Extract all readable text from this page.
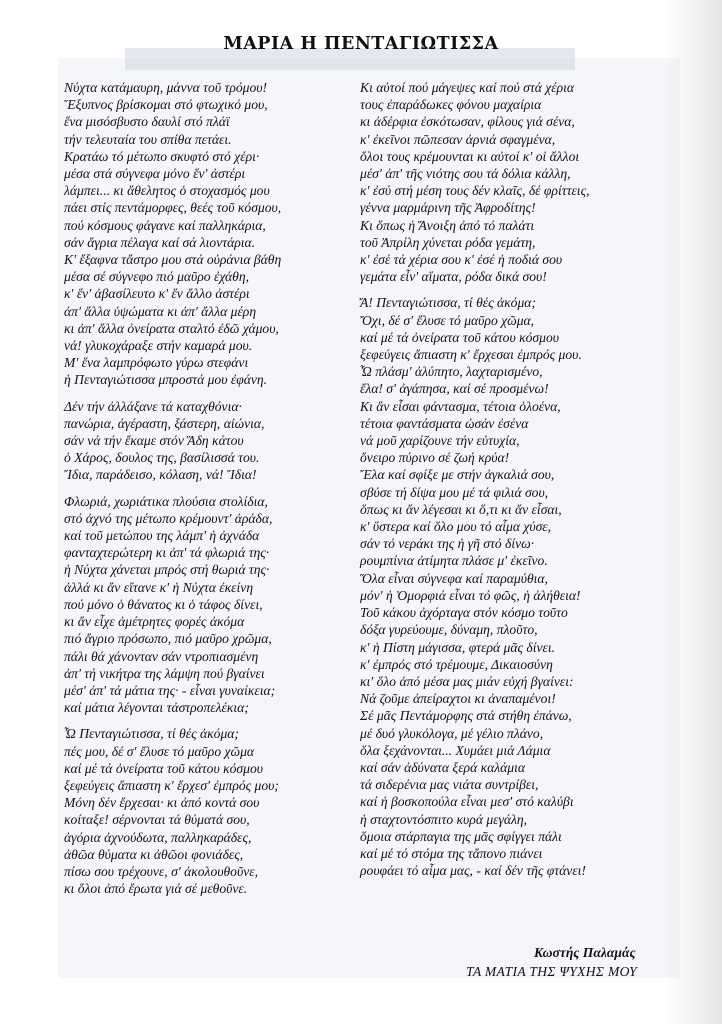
ΜΑΡΙΑ Η ΠΕΝΤΑΓΙΩΤΙΣΣΑ
Νύχτα κατάμαυρη, μάννα τοῦ τρόμου!
Ἔξυπνος βρίσκομαι στό φτωχικό μου,
ἕνα μισόσβυστο δαυλί στό πλάϊ
τήν τελευταία του σπίθα πετάει.
Κρατάω τό μέτωπο σκυφτό στό χέρι·
μέσα στά σύγνεφα μόνο ἕν' ἀστέρι
λάμπει... κι ἄθελητος ὁ στοχασμός μου
πάει στίς πεντάμορφες, θεές τοῦ κόσμου,
πού κόσμους φάγανε καί παλληκάρια,
σάν ἄγρια πέλαγα καί σά λιοντάρια.
Κ' ἔξαφνα τἄστρο μου στά οὐράνια βάθη
μέσα σέ σύγνεφο πιό μαῦρο ἐχάθη,
κ' ἕν' ἀβασίλευτο κ' ἕν ἄλλο ἀστέρι
ἀπ' ἄλλα ὑψώματα κι ἀπ' ἄλλα μέρη
κι ἀπ' ἄλλα ὀνείρατα σταλτό ἐδῶ χάμου,
νά! γλυκοχάραξε στήν καμαρά μου.
Μ' ἕνα λαμπρόφωτο γύρω στεφάνι
ἡ Πενταγιώτισσα μπροστά μου ἐφάνη.
Δέν τήν ἀλλάξανε τά καταχθόνια·
πανώρια, ἀγέραστη, ξάστερη, αἰώνια,
σάν νά τήν ἔκαμε στόν Ἅδη κάτου
ὁ Χάρος, δουλος της, βασίλισσά του.
Ἴδια, παράδεισο, κόλαση, νά! Ἴδια!
Φλωριά, χωριάτικα πλούσια στολίδια,
στό ἀχνό της μέτωπο κρέμουντ' ἀράδα,
καί τοῦ μετώπου της λάμπ' ἡ ἀχνάδα
φανταχτερώτερη κι ἀπ' τά φλωριά της·
ἡ Νύχτα χάνεται μπρός στή θωριά της·
ἀλλά κι ἄν εἴτανε κ' ἡ Νύχτα ἐκείνη
πού μόνο ὁ θάνατος κι ὁ τάφος δίνει,
κι ἄν εἶχε ἀμέτρητες φορές ἀκόμα
πιό ἄγριο πρόσωπο, πιό μαῦρο χρῶμα,
πάλι θά χάνονταν σάν ντροπιασμένη
ἀπ' τή νικήτρα της λάμψη πού βγαίνει
μέσ' ἀπ' τά μάτια της· - εἶναι γυναίκεια;
καί μάτια λέγονται τἀστροπελέκια;
Ὦ Πενταγιώτισσα, τί θές ἀκόμα;
πές μου, δέ σ' ἔλυσε τό μαῦρο χῶμα
καί μέ τά ὀνείρατα τοῦ κάτου κόσμου
ξεφεύγεις ἄπιαστη κ' ἔρχεσ' ἐμπρός μου;
Μόνη δέν ἔρχεσαι· κι ἀπό κοντά σου
κοίταξε! σέρνονται τά θύματά σου,
ἀγόρια ἀχνούδωτα, παλληκαράδες,
ἀθῶα θύματα κι ἀθῶοι φονιάδες,
πίσω σου τρέχουνε, σ' ἀκολουθοῦνε,
κι ὅλοι ἀπό ἔρωτα γιά σέ μεθοῦνε.
Κι αὐτοί πού μάγεψες καί πού στά χέρια
τους ἐπαράδωκες φόνου μαχαίρια
κι ἀδέρφια ἐσκότωσαν, φίλους γιά σένα,
κ' ἐκεῖνοι πῶπεσαν ἀρνιά σφαγμένα,
ὅλοι τους κρέμουνται κι αὐτοί κ' οἱ ἄλλοι
μέσ' ἀπ' τῆς νιότης σου τά δόλια κάλλη,
κ' ἐσύ στή μέση τους δέν κλαῖς, δέ φρίττεις,
γέννα μαρμάρινη τῆς Ἀφροδίτης!
Κι ὅπως ἡ Ἄνοιξη ἀπό τό παλάτι
τοῦ Ἀπρίλη χύνεται ρόδα γεμάτη,
κ' ἐσέ τά χέρια σου κ' ἐσέ ἡ ποδιά σου
γεμάτα εἶν' αἵματα, ρόδα δικά σου!
Ἄ! Πενταγιώτισσα, τί θές ἀκόμα;
Ὄχι, δέ σ' ἔλυσε τό μαῦρο χῶμα,
καί μέ τά ὀνείρατα τοῦ κάτου κόσμου
ξεφεύγεις ἄπιαστη κ' ἔρχεσαι ἐμπρός μου.
Ὦ πλάσμ' ἀλύπητο, λαχταρισμένο,
ἔλα! σ' ἀγάπησα, καί σέ προσμένω!
Κι ἄν εἶσαι φάντασμα, τέτοια ὁλοένα,
τέτοια φαντάσματα ὡσάν ἐσένα
νά μοῦ χαρίζουνε τήν εὐτυχία,
ὄνειρο πύρινο σέ ζωή κρύα!
Ἔλα καί σφίξε με στήν ἀγκαλιά σου,
σβύσε τή δίψα μου μέ τά φιλιά σου,
ὅπως κι ἄν λέγεσαι κι ὅ,τι κι ἄν εἶσαι,
κ' ὕστερα καί ὅλο μου τό αἷμα χύσε,
σάν τό νεράκι της ἡ γῆ στό δίνω·
ρουμπίνια ἀτίμητα πλάσε μ' ἐκεῖνο.
Ὅλα εἶναι σύγνεφα καί παραμύθια,
μόν' ἡ Ὀμορφιά εἶναι τό φῶς, ἡ ἀλήθεια!
Τοῦ κάκου ἀχόρταγα στόν κόσμο τοῦτο
δόξα γυρεύουμε, δύναμη, πλοῦτο,
κ' ἡ Πίστη μάγισσα, φτερά μᾶς δίνει.
κ' ἐμπρός στό τρέμουμε, Δικαιοσύνη
κι' ὅλο ἀπό μέσα μας μιάν εὐχή βγαίνει:
Νά ζοῦμε ἀπείραχτοι κι ἀναπαμένοι!
Σέ μᾶς Πεντάμορφης στά στήθη ἐπάνω,
μέ δυό γλυκόλογα, μέ γέλιο πλάνο,
ὅλα ξεχάνονται... Χυμάει μιά Λάμια
καί σάν ἀδύνατα ξερά καλάμια
τά σιδερένια μας νιάτα συντρίβει,
καί ἡ βοσκοπούλα εἶναι μεσ' στό καλύβι
ἡ σταχτοντόσπιτο κυρά μεγάλη,
ὅμοια στάρπαγια της μᾶς σφίγγει πάλι
καί μέ τό στόμα της τἄπονο πιάνει
ρουφάει τό αἷμα μας, - καί δέν τῆς φτάνει!
Κωστής Παλαμάς
ΤΑ ΜΑΤΙΑ ΤΗΣ ΨΥΧΗΣ ΜΟΥ
